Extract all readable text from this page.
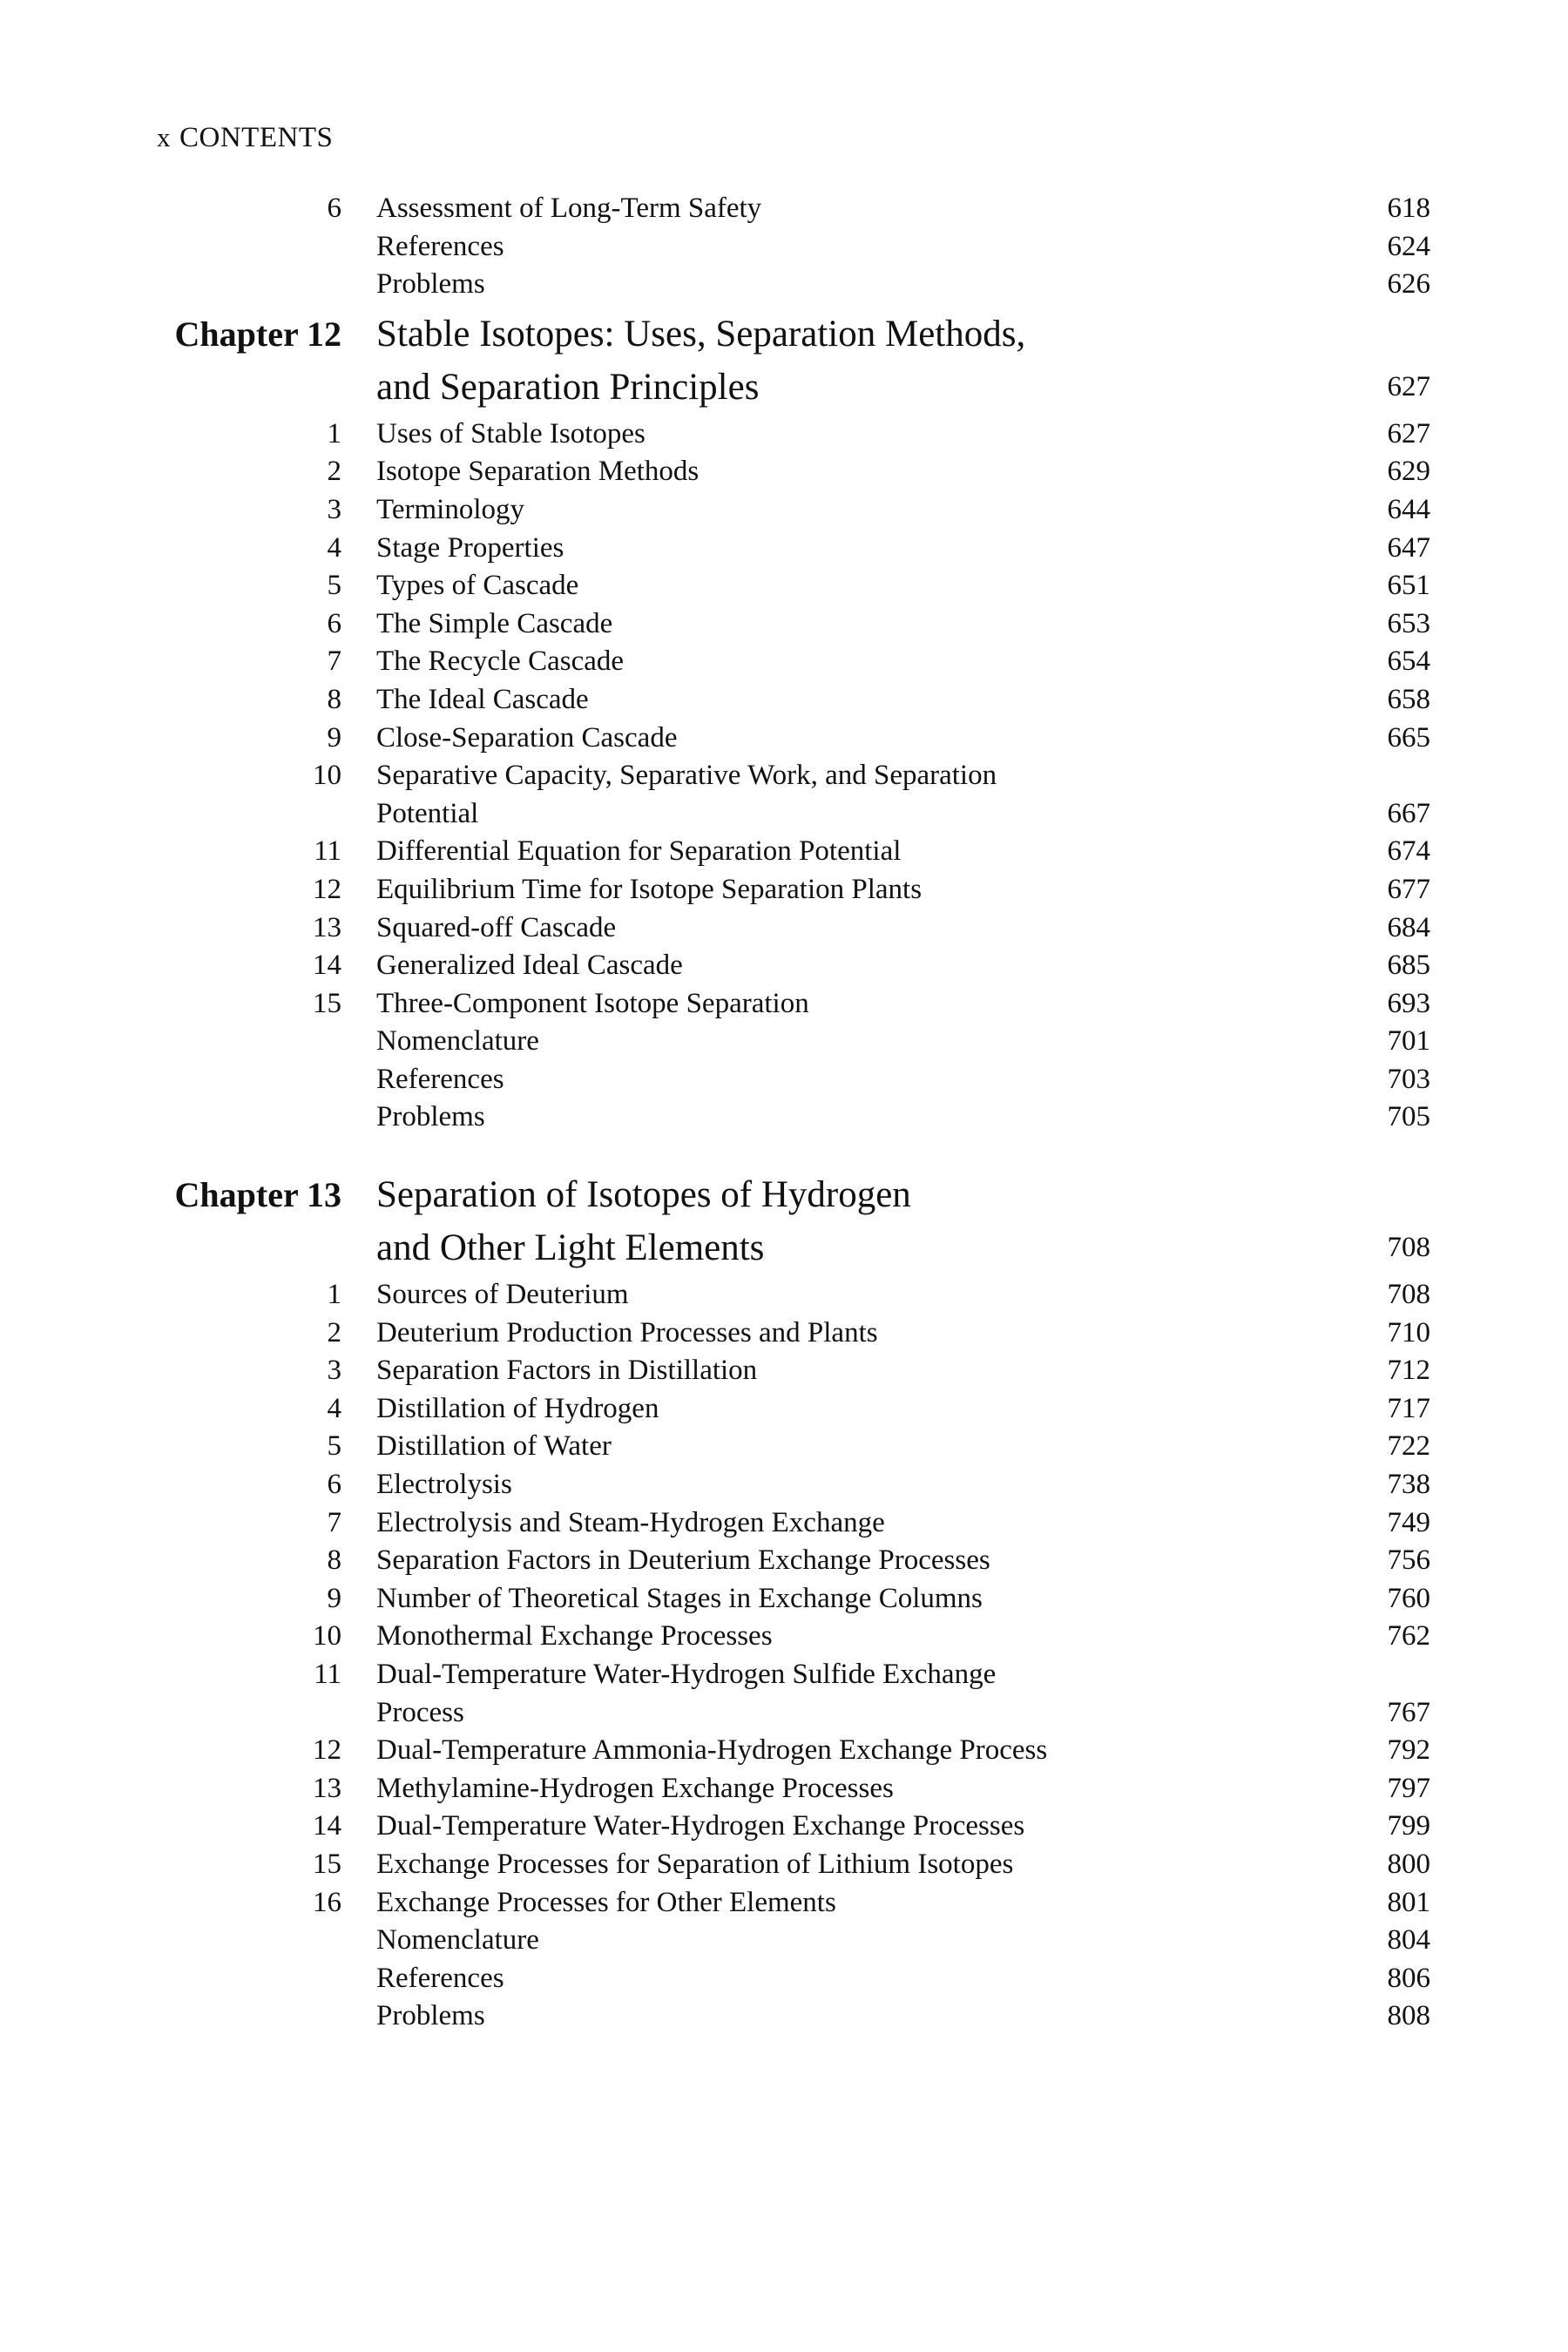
x CONTENTS
6 Assessment of Long-Term Safety	618
References	624
Problems	626
Chapter 12 Stable Isotopes: Uses, Separation Methods,
and Separation Principles	627
1 Uses of Stable Isotopes	627
2 Isotope Separation Methods	629
3 Terminology	644
4 Stage Properties	647
5 Types of Cascade	651
6 The Simple Cascade	653
7 The Recycle Cascade	654
8 The Ideal Cascade	658
9 Close-Separation Cascade	665
10 Separative Capacity, Separative Work, and Separation
Potential	667
11 Differential Equation for Separation Potential	674
12 Equilibrium Time for Isotope Separation Plants	677
13 Squared-off Cascade	684
14 Generalized Ideal Cascade	685
15 Three-Component Isotope Separation	693
Nomenclature	701
References	703
Problems	705
Chapter 13 Separation of Isotopes of Hydrogen
and Other Light Elements	708
1 Sources of Deuterium	708
2 Deuterium Production Processes and Plants	710
3 Separation Factors in Distillation	712
4 Distillation of Hydrogen	717
5 Distillation of Water	722
6 Electrolysis	738
7 Electrolysis and Steam-Hydrogen Exchange	749
8 Separation Factors in Deuterium Exchange Processes	756
9 Number of Theoretical Stages in Exchange Columns	760
10 Monothermal Exchange Processes	762
11 Dual-Temperature Water-Hydrogen Sulfide Exchange
Process	767
12 Dual-Temperature Ammonia-Hydrogen Exchange Process	792
13 Methylamine-Hydrogen Exchange Processes	797
14 Dual-Temperature Water-Hydrogen Exchange Processes	799
15 Exchange Processes for Separation of Lithium Isotopes	800
16 Exchange Processes for Other Elements	801
Nomenclature	804
References	806
Problems	808
